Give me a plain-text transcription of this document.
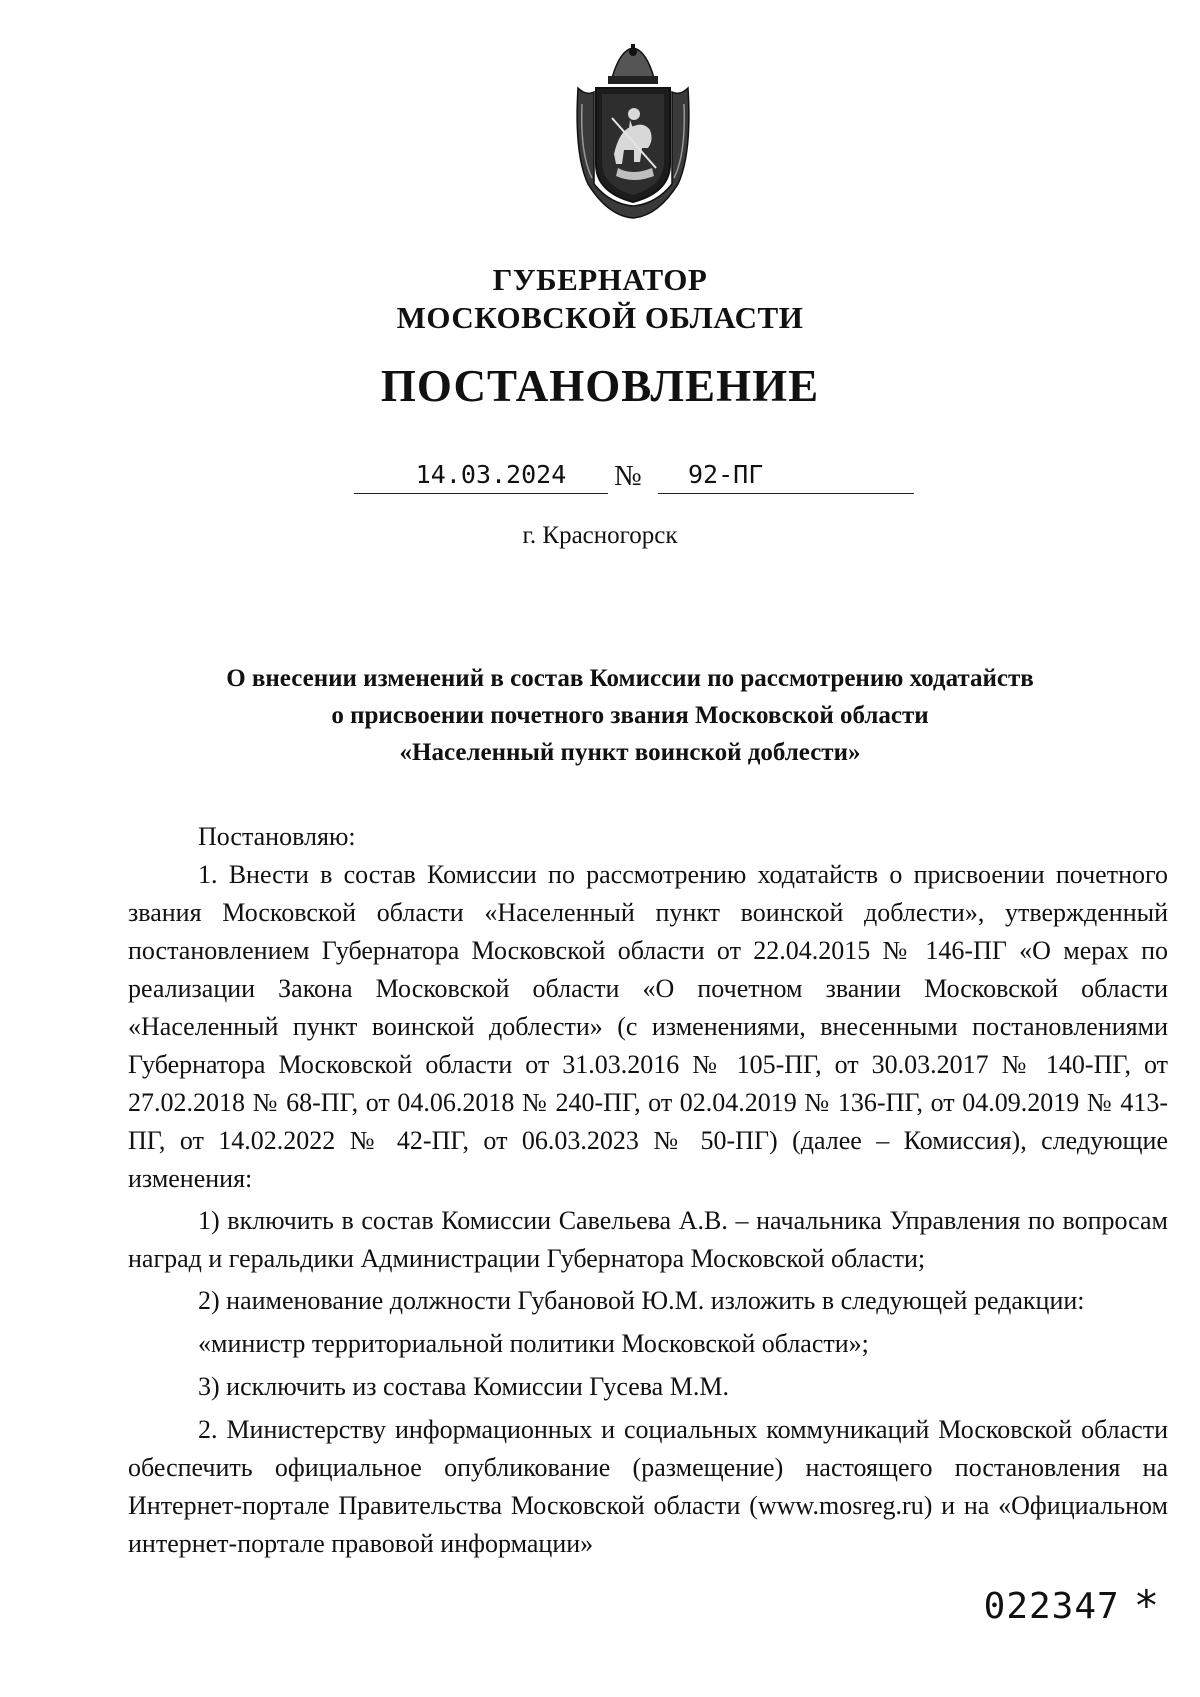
ГУБЕРНАТОР
МОСКОВСКОЙ ОБЛАСТИ
ПОСТАНОВЛЕНИЕ
14.03.2024	№	92-ПГ
г. Красногорск
О внесении изменений в состав Комиссии по рассмотрению ходатайств
о присвоении почетного звания Московской области
«Населенный пункт воинской доблести»

Постановляю:

1. Внести в состав Комиссии по рассмотрению ходатайств о присвоении почетного звания Московской области «Населенный пункт воинской доблести», утвержденный постановлением Губернатора Московской области от 22.04.2015 № 146-ПГ «О мерах по реализации Закона Московской области «О почетном звании Московской области «Населенный пункт воинской доблести» (с изменениями, внесенными постановлениями Губернатора Московской области от 31.03.2016 № 105-ПГ, от 30.03.2017 № 140-ПГ, от 27.02.2018 № 68-ПГ, от 04.06.2018 № 240-ПГ, от 02.04.2019 № 136-ПГ, от 04.09.2019 № 413-ПГ, от 14.02.2022 № 42-ПГ, от 06.03.2023 № 50-ПГ) (далее – Комиссия), следующие изменения:

1) включить в состав Комиссии Савельева А.В. – начальника Управления по вопросам наград и геральдики Администрации Губернатора Московской области;

2) наименование должности Губановой Ю.М. изложить в следующей редакции:

«министр территориальной политики Московской области»;

3) исключить из состава Комиссии Гусева М.М.

2. Министерству информационных и социальных коммуникаций Московской области обеспечить официальное опубликование (размещение) настоящего постановления на Интернет-портале Правительства Московской области (www.mosreg.ru) и на «Официальном интернет-портале правовой информации»

022347 *
